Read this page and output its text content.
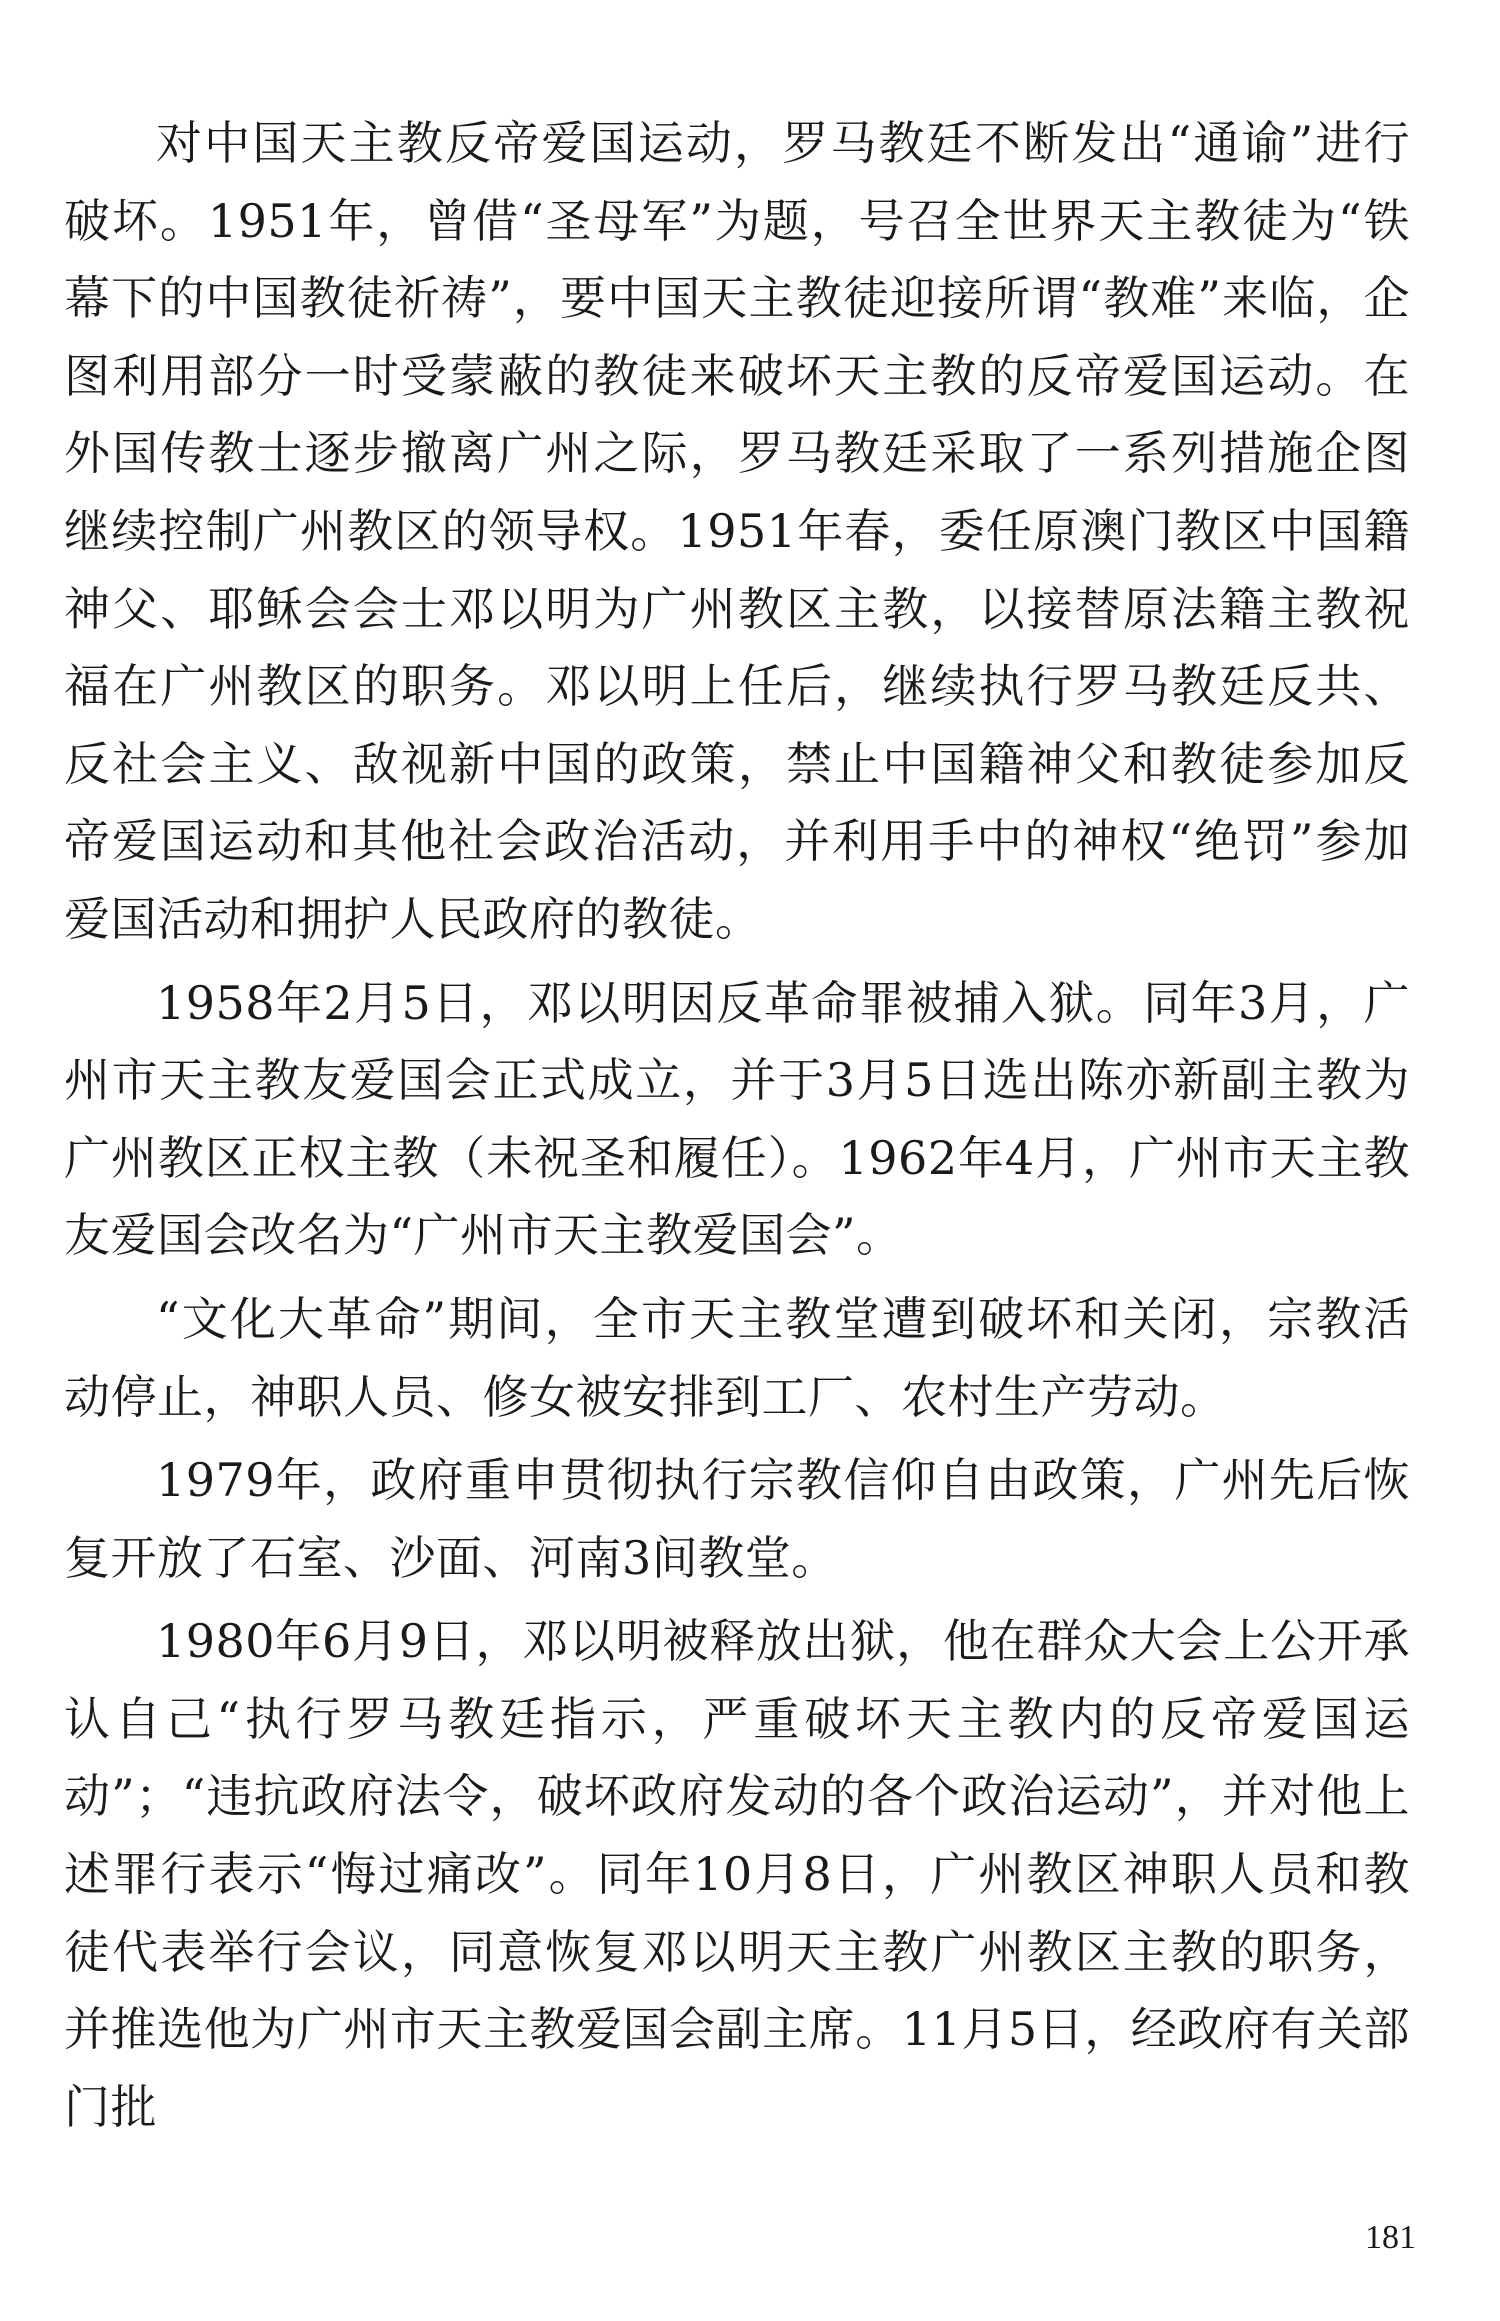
对中国天主教反帝爱国运动，罗马教廷不断发出“通谕”进行破坏。1951年，曾借“圣母军”为题，号召全世界天主教徒为“铁幕下的中国教徒祈祷”，要中国天主教徒迎接所谓“教难”来临，企图利用部分一时受蒙蔽的教徒来破坏天主教的反帝爱国运动。在外国传教士逐步撤离广州之际，罗马教廷采取了一系列措施企图继续控制广州教区的领导权。1951年春，委任原澳门教区中国籍神父、耶稣会会士邓以明为广州教区主教，以接替原法籍主教祝福在广州教区的职务。邓以明上任后，继续执行罗马教廷反共、反社会主义、敌视新中国的政策，禁止中国籍神父和教徒参加反帝爱国运动和其他社会政治活动，并利用手中的神权“绝罚”参加爱国活动和拥护人民政府的教徒。

1958年2月5日，邓以明因反革命罪被捕入狱。同年3月，广州市天主教友爱国会正式成立，并于3月5日选出陈亦新副主教为广州教区正权主教（未祝圣和履任）。1962年4月，广州市天主教友爱国会改名为“广州市天主教爱国会”。

“文化大革命”期间，全市天主教堂遭到破坏和关闭，宗教活动停止，神职人员、修女被安排到工厂、农村生产劳动。

1979年，政府重申贯彻执行宗教信仰自由政策，广州先后恢复开放了石室、沙面、河南3间教堂。

1980年6月9日，邓以明被释放出狱，他在群众大会上公开承认自己“执行罗马教廷指示，严重破坏天主教内的反帝爱国运动”；“违抗政府法令，破坏政府发动的各个政治运动”，并对他上述罪行表示“悔过痛改”。同年10月8日，广州教区神职人员和教徒代表举行会议，同意恢复邓以明天主教广州教区主教的职务，并推选他为广州市天主教爱国会副主席。11月5日，经政府有关部门批

181
